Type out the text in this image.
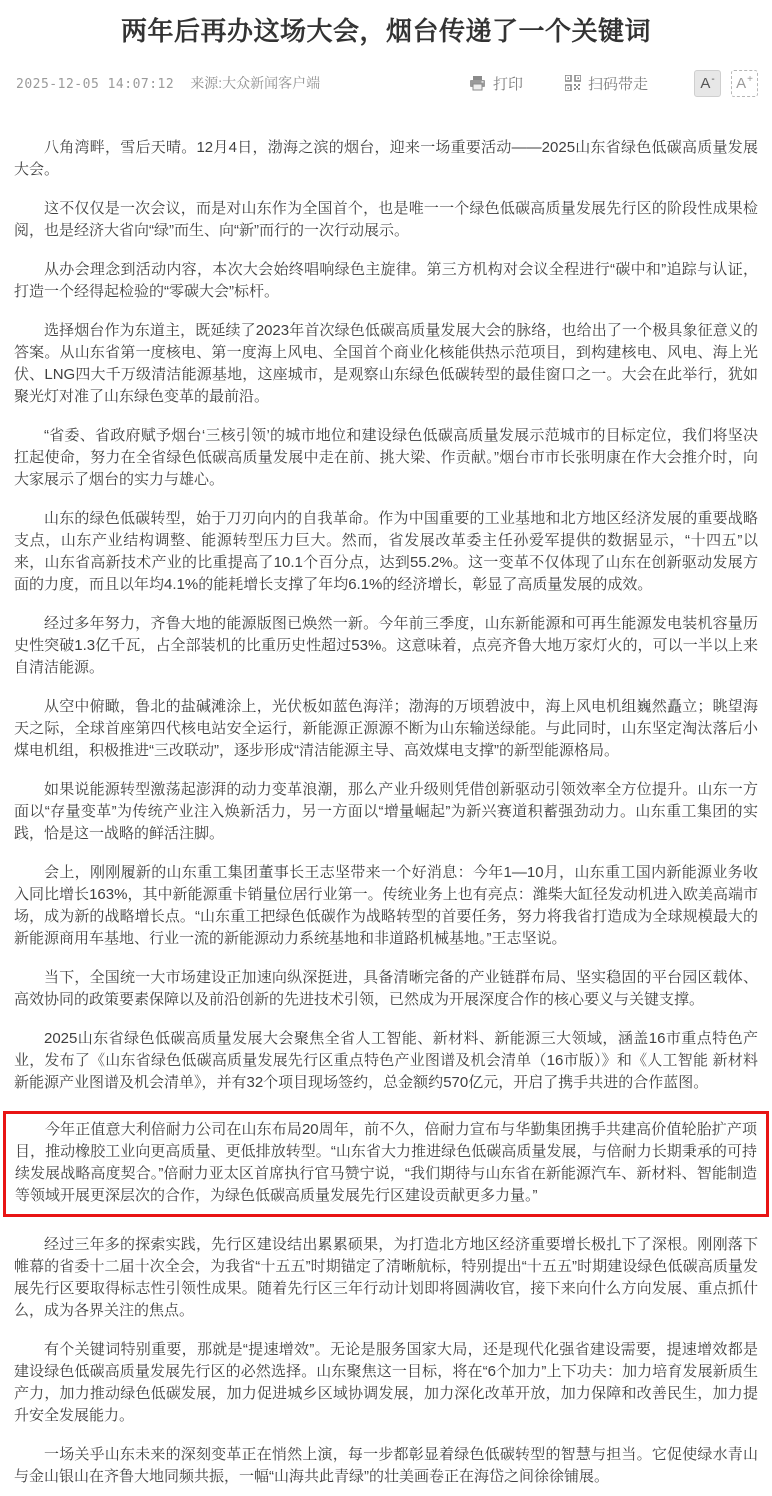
两年后再办这场大会，烟台传递了一个关键词
2025-12-05 14:07:12 来源:大众新闻客户端	打印	扫码带走	A- A+

八角湾畔，雪后天晴。12月4日，渤海之滨的烟台，迎来一场重要活动——2025山东省绿色低碳高质量发展大会。

这不仅仅是一次会议，而是对山东作为全国首个，也是唯一一个绿色低碳高质量发展先行区的阶段性成果检阅，也是经济大省向“绿”而生、向“新”而行的一次行动展示。

从办会理念到活动内容，本次大会始终唱响绿色主旋律。第三方机构对会议全程进行“碳中和”追踪与认证，打造一个经得起检验的“零碳大会”标杆。

选择烟台作为东道主，既延续了2023年首次绿色低碳高质量发展大会的脉络，也给出了一个极具象征意义的答案。从山东省第一度核电、第一度海上风电、全国首个商业化核能供热示范项目，到构建核电、风电、海上光伏、LNG四大千万级清洁能源基地，这座城市，是观察山东绿色低碳转型的最佳窗口之一。大会在此举行，犹如聚光灯对准了山东绿色变革的最前沿。

“省委、省政府赋予烟台‘三核引领’的城市地位和建设绿色低碳高质量发展示范城市的目标定位，我们将坚决扛起使命，努力在全省绿色低碳高质量发展中走在前、挑大梁、作贡献。”烟台市市长张明康在作大会推介时，向大家展示了烟台的实力与雄心。

山东的绿色低碳转型，始于刀刃向内的自我革命。作为中国重要的工业基地和北方地区经济发展的重要战略支点，山东产业结构调整、能源转型压力巨大。然而，省发展改革委主任孙爱军提供的数据显示，“十四五”以来，山东省高新技术产业的比重提高了10.1个百分点，达到55.2%。这一变革不仅体现了山东在创新驱动发展方面的力度，而且以年均4.1%的能耗增长支撑了年均6.1%的经济增长，彰显了高质量发展的成效。

经过多年努力，齐鲁大地的能源版图已焕然一新。今年前三季度，山东新能源和可再生能源发电装机容量历史性突破1.3亿千瓦，占全部装机的比重历史性超过53%。这意味着，点亮齐鲁大地万家灯火的，可以一半以上来自清洁能源。

从空中俯瞰，鲁北的盐碱滩涂上，光伏板如蓝色海洋；渤海的万顷碧波中，海上风电机组巍然矗立；眺望海天之际，全球首座第四代核电站安全运行，新能源正源源不断为山东输送绿能。与此同时，山东坚定淘汰落后小煤电机组，积极推进“三改联动”，逐步形成“清洁能源主导、高效煤电支撑”的新型能源格局。

如果说能源转型激荡起澎湃的动力变革浪潮，那么产业升级则凭借创新驱动引领效率全方位提升。山东一方面以“存量变革”为传统产业注入焕新活力，另一方面以“增量崛起”为新兴赛道积蓄强劲动力。山东重工集团的实践，恰是这一战略的鲜活注脚。

会上，刚刚履新的山东重工集团董事长王志坚带来一个好消息：今年1—10月，山东重工国内新能源业务收入同比增长163%，其中新能源重卡销量位居行业第一。传统业务上也有亮点：潍柴大缸径发动机进入欧美高端市场，成为新的战略增长点。“山东重工把绿色低碳作为战略转型的首要任务，努力将我省打造成为全球规模最大的新能源商用车基地、行业一流的新能源动力系统基地和非道路机械基地。”王志坚说。

当下，全国统一大市场建设正加速向纵深挺进，具备清晰完备的产业链群布局、坚实稳固的平台园区载体、高效协同的政策要素保障以及前沿创新的先进技术引领，已然成为开展深度合作的核心要义与关键支撑。

2025山东省绿色低碳高质量发展大会聚焦全省人工智能、新材料、新能源三大领域，涵盖16市重点特色产业，发布了《山东省绿色低碳高质量发展先行区重点特色产业图谱及机会清单（16市版）》和《人工智能 新材料 新能源产业图谱及机会清单》，并有32个项目现场签约，总金额约570亿元，开启了携手共进的合作蓝图。

今年正值意大利倍耐力公司在山东布局20周年，前不久，倍耐力宣布与华勤集团携手共建高价值轮胎扩产项目，推动橡胶工业向更高质量、更低排放转型。“山东省大力推进绿色低碳高质量发展，与倍耐力长期秉承的可持续发展战略高度契合。”倍耐力亚太区首席执行官马赞宁说，“我们期待与山东省在新能源汽车、新材料、智能制造等领域开展更深层次的合作，为绿色低碳高质量发展先行区建设贡献更多力量。”

经过三年多的探索实践，先行区建设结出累累硕果，为打造北方地区经济重要增长极扎下了深根。刚刚落下帷幕的省委十二届十次全会，为我省“十五五”时期锚定了清晰航标，特别提出“十五五”时期建设绿色低碳高质量发展先行区要取得标志性引领性成果。随着先行区三年行动计划即将圆满收官，接下来向什么方向发展、重点抓什么，成为各界关注的焦点。

有个关键词特别重要，那就是“提速增效”。无论是服务国家大局，还是现代化强省建设需要，提速增效都是建设绿色低碳高质量发展先行区的必然选择。山东聚焦这一目标，将在“6个加力”上下功夫：加力培育发展新质生产力，加力推动绿色低碳发展，加力促进城乡区域协调发展，加力深化改革开放，加力保障和改善民生，加力提升安全发展能力。

一场关乎山东未来的深刻变革正在悄然上演，每一步都彰显着绿色低碳转型的智慧与担当。它促使绿水青山与金山银山在齐鲁大地同频共振，一幅“山海共此青绿”的壮美画卷正在海岱之间徐徐铺展。
